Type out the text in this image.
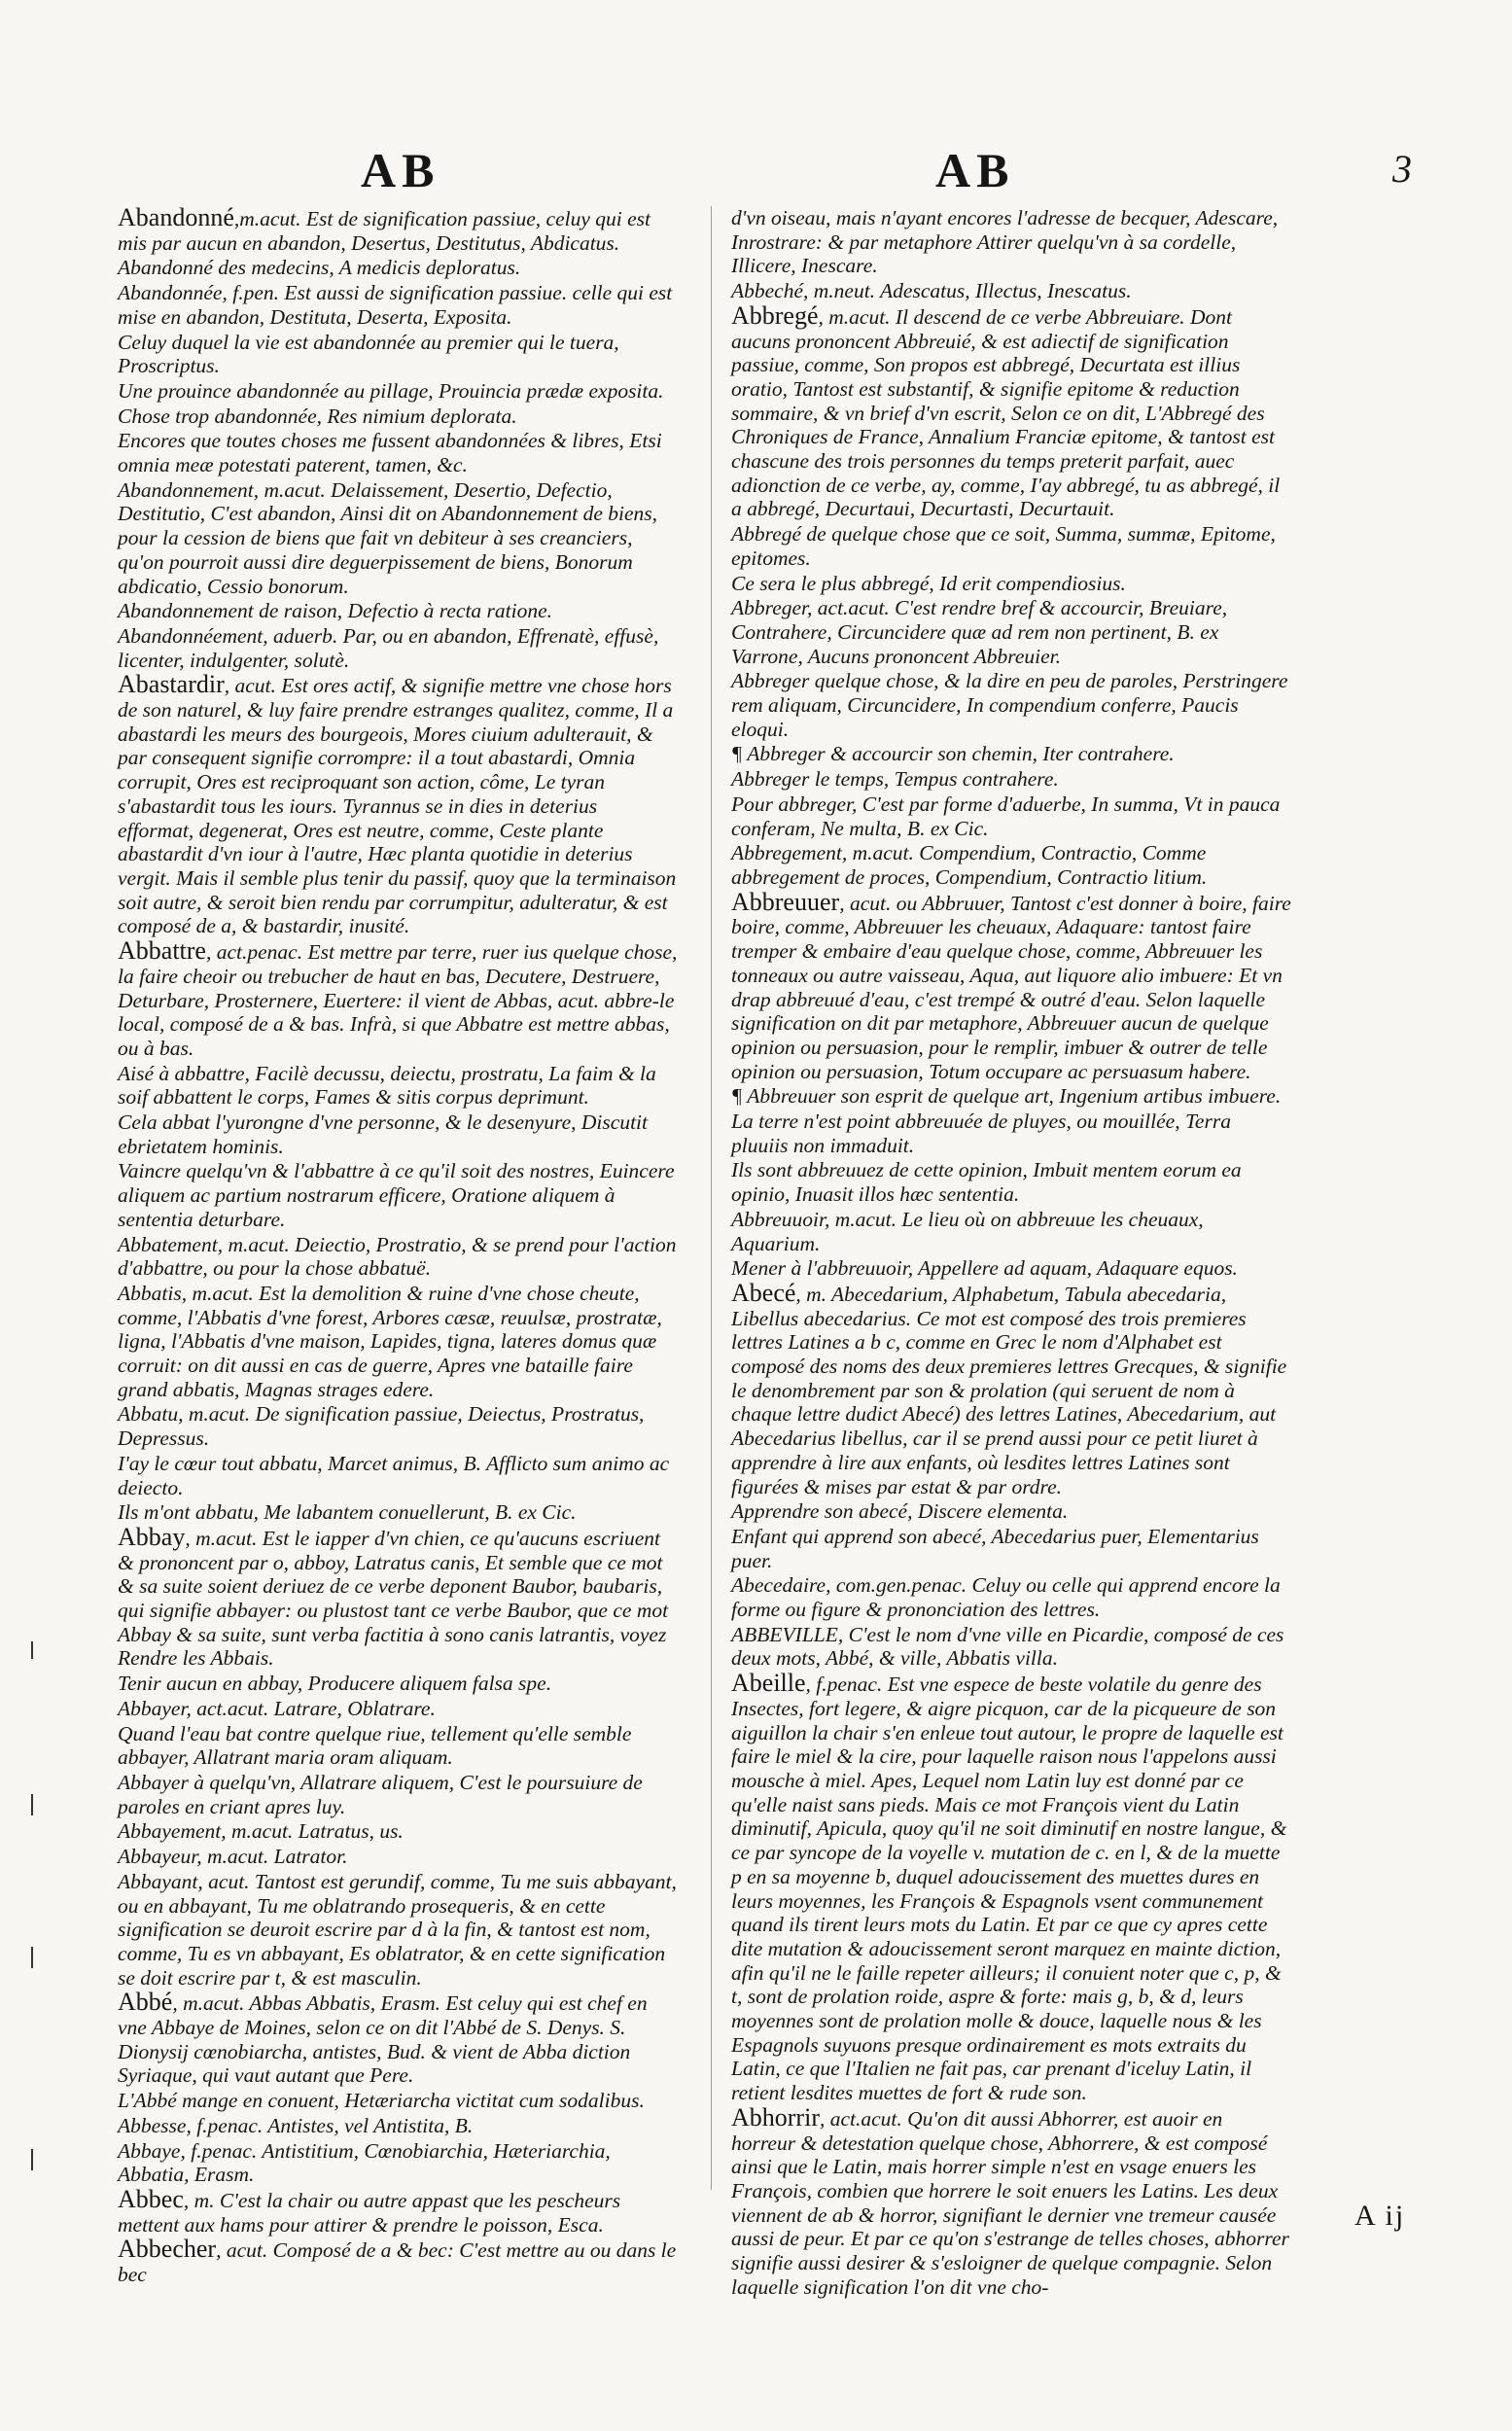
3
AB	AB

Abandonné,m.acut. Est de signification passiue, celuy qui est mis par aucun en abandon, Desertus, Destitutus, Abdicatus.

Abandonné des medecins, A medicis deploratus.

Abandonnée, f.pen. Est aussi de signification passiue. celle qui est mise en abandon, Destituta, Deserta, Exposita.

Celuy duquel la vie est abandonnée au premier qui le tuera, Proscriptus.

Une prouince abandonnée au pillage, Prouincia prædæ exposita.

Chose trop abandonnée, Res nimium deplorata.

Encores que toutes choses me fussent abandonnées & libres, Etsi omnia meæ potestati paterent, tamen, &c.

Abandonnement, m.acut. Delaissement, Desertio, Defectio, Destitutio, C'est abandon, Ainsi dit on Abandonnement de biens, pour la cession de biens que fait vn debiteur à ses creanciers, qu'on pourroit aussi dire deguerpissement de biens, Bonorum abdicatio, Cessio bonorum.

Abandonnement de raison, Defectio à recta ratione.

Abandonnéement, aduerb. Par, ou en abandon, Effrenatè, effusè, licenter, indulgenter, solutè.

Abastardir, acut. Est ores actif, & signifie mettre vne chose hors de son naturel, & luy faire prendre estranges qualitez, comme, Il a abastardi les meurs des bourgeois, Mores ciuium adulterauit, & par consequent signifie corrompre: il a tout abastardi, Omnia corrupit, Ores est reciproquant son action, côme, Le tyran s'abastardit tous les iours. Tyrannus se in dies in deterius efformat, degenerat, Ores est neutre, comme, Ceste plante abastardit d'vn iour à l'autre, Hæc planta quotidie in deterius vergit. Mais il semble plus tenir du passif, quoy que la terminaison soit autre, & seroit bien rendu par corrumpitur, adulteratur, & est composé de a, & bastardir, inusité.

Abbattre, act.penac. Est mettre par terre, ruer ius quelque chose, la faire cheoir ou trebucher de haut en bas, Decutere, Destruere, Deturbare, Prosternere, Euertere: il vient de Abbas, acut. abbre-le local, composé de a & bas. Infrà, si que Abbatre est mettre abbas, ou à bas.

Aisé à abbattre, Facilè decussu, deiectu, prostratu, La faim & la soif abbattent le corps, Fames & sitis corpus deprimunt.

Cela abbat l'yurongne d'vne personne, & le desenyure, Discutit ebrietatem hominis.

Vaincre quelqu'vn & l'abbattre à ce qu'il soit des nostres, Euincere aliquem ac partium nostrarum efficere, Oratione aliquem à sententia deturbare.

Abbatement, m.acut. Deiectio, Prostratio, & se prend pour l'action d'abbattre, ou pour la chose abbatuë.

Abbatis, m.acut. Est la demolition & ruine d'vne chose cheute, comme, l'Abbatis d'vne forest, Arbores cæsæ, reuulsæ, prostratæ, ligna, l'Abbatis d'vne maison, Lapides, tigna, lateres domus quæ corruit: on dit aussi en cas de guerre, Apres vne bataille faire grand abbatis, Magnas strages edere.

Abbatu, m.acut. De signification passiue, Deiectus, Prostratus, Depressus.

I'ay le cœur tout abbatu, Marcet animus, B. Afflicto sum animo ac deiecto.

Ils m'ont abbatu, Me labantem conuellerunt, B. ex Cic.

Abbay, m.acut. Est le iapper d'vn chien, ce qu'aucuns escriuent & prononcent par o, abboy, Latratus canis, Et semble que ce mot & sa suite soient deriuez de ce verbe deponent Baubor, baubaris, qui signifie abbayer: ou plustost tant ce verbe Baubor, que ce mot Abbay & sa suite, sunt verba factitia à sono canis latrantis, voyez Rendre les Abbais.

Tenir aucun en abbay, Producere aliquem falsa spe.

Abbayer, act.acut. Latrare, Oblatrare.

Quand l'eau bat contre quelque riue, tellement qu'elle semble abbayer, Allatrant maria oram aliquam.

Abbayer à quelqu'vn, Allatrare aliquem, C'est le poursuiure de paroles en criant apres luy.

Abbayement, m.acut. Latratus, us.

Abbayeur, m.acut. Latrator.

Abbayant, acut. Tantost est gerundif, comme, Tu me suis abbayant, ou en abbayant, Tu me oblatrando prosequeris, & en cette signification se deuroit escrire par d à la fin, & tantost est nom, comme, Tu es vn abbayant, Es oblatrator, & en cette signification se doit escrire par t, & est masculin.

Abbé, m.acut. Abbas Abbatis, Erasm. Est celuy qui est chef en vne Abbaye de Moines, selon ce on dit l'Abbé de S. Denys. S. Dionysij cœnobiarcha, antistes, Bud. & vient de Abba diction Syriaque, qui vaut autant que Pere.

L'Abbé mange en conuent, Hetæriarcha victitat cum sodalibus.

Abbesse, f.penac. Antistes, vel Antistita, B.

Abbaye, f.penac. Antistitium, Cœnobiarchia, Hæteriarchia, Abbatia, Erasm.

Abbec, m. C'est la chair ou autre appast que les pescheurs mettent aux hams pour attirer & prendre le poisson, Esca.

Abbecher, acut. Composé de a & bec: C'est mettre au ou dans le bec

d'vn oiseau, mais n'ayant encores l'adresse de becquer, Adescare, Inrostrare: & par metaphore Attirer quelqu'vn à sa cordelle, Illicere, Inescare.

Abbeché, m.neut. Adescatus, Illectus, Inescatus.

Abbregé, m.acut. Il descend de ce verbe Abbreuiare. Dont aucuns prononcent Abbreuié, & est adiectif de signification passiue, comme, Son propos est abbregé, Decurtata est illius oratio, Tantost est substantif, & signifie epitome & reduction sommaire, & vn brief d'vn escrit, Selon ce on dit, L'Abbregé des Chroniques de France, Annalium Franciæ epitome, & tantost est chascune des trois personnes du temps preterit parfait, auec adionction de ce verbe, ay, comme, I'ay abbregé, tu as abbregé, il a abbregé, Decurtaui, Decurtasti, Decurtauit.

Abbregé de quelque chose que ce soit, Summa, summæ, Epitome, epitomes.

Ce sera le plus abbregé, Id erit compendiosius.

Abbreger, act.acut. C'est rendre bref & accourcir, Breuiare, Contrahere, Circuncidere quæ ad rem non pertinent, B. ex Varrone, Aucuns prononcent Abbreuier.

Abbreger quelque chose, & la dire en peu de paroles, Perstringere rem aliquam, Circuncidere, In compendium conferre, Paucis eloqui.

¶ Abbreger & accourcir son chemin, Iter contrahere.

Abbreger le temps, Tempus contrahere.

Pour abbreger, C'est par forme d'aduerbe, In summa, Vt in pauca conferam, Ne multa, B. ex Cic.

Abbregement, m.acut. Compendium, Contractio, Comme abbregement de proces, Compendium, Contractio litium.

Abbreuuer, acut. ou Abbruuer, Tantost c'est donner à boire, faire boire, comme, Abbreuuer les cheuaux, Adaquare: tantost faire tremper & embaire d'eau quelque chose, comme, Abbreuuer les tonneaux ou autre vaisseau, Aqua, aut liquore alio imbuere: Et vn drap abbreuué d'eau, c'est trempé & outré d'eau. Selon laquelle signification on dit par metaphore, Abbreuuer aucun de quelque opinion ou persuasion, pour le remplir, imbuer & outrer de telle opinion ou persuasion, Totum occupare ac persuasum habere.

¶ Abbreuuer son esprit de quelque art, Ingenium artibus imbuere.

La terre n'est point abbreuuée de pluyes, ou mouillée, Terra pluuiis non immaduit.

Ils sont abbreuuez de cette opinion, Imbuit mentem eorum ea opinio, Inuasit illos hæc sententia.

Abbreuuoir, m.acut. Le lieu où on abbreuue les cheuaux, Aquarium.

Mener à l'abbreuuoir, Appellere ad aquam, Adaquare equos.

Abecé, m. Abecedarium, Alphabetum, Tabula abecedaria, Libellus abecedarius. Ce mot est composé des trois premieres lettres Latines a b c, comme en Grec le nom d'Alphabet est composé des noms des deux premieres lettres Grecques, & signifie le denombrement par son & prolation (qui seruent de nom à chaque lettre dudict Abecé) des lettres Latines, Abecedarium, aut Abecedarius libellus, car il se prend aussi pour ce petit liuret à apprendre à lire aux enfants, où lesdites lettres Latines sont figurées & mises par estat & par ordre.

Apprendre son abecé, Discere elementa.

Enfant qui apprend son abecé, Abecedarius puer, Elementarius puer.

Abecedaire, com.gen.penac. Celuy ou celle qui apprend encore la forme ou figure & prononciation des lettres.

ABBEVILLE, C'est le nom d'vne ville en Picardie, composé de ces deux mots, Abbé, & ville, Abbatis villa.

Abeille, f.penac. Est vne espece de beste volatile du genre des Insectes, fort legere, & aigre picquon, car de la picqueure de son aiguillon la chair s'en enleue tout autour, le propre de laquelle est faire le miel & la cire, pour laquelle raison nous l'appelons aussi mousche à miel. Apes, Lequel nom Latin luy est donné par ce qu'elle naist sans pieds. Mais ce mot François vient du Latin diminutif, Apicula, quoy qu'il ne soit diminutif en nostre langue, & ce par syncope de la voyelle v. mutation de c. en l, & de la muette p en sa moyenne b, duquel adoucissement des muettes dures en leurs moyennes, les François & Espagnols vsent communement quand ils tirent leurs mots du Latin. Et par ce que cy apres cette dite mutation & adoucissement seront marquez en mainte diction, afin qu'il ne le faille repeter ailleurs; il conuient noter que c, p, & t, sont de prolation roide, aspre & forte: mais g, b, & d, leurs moyennes sont de prolation molle & douce, laquelle nous & les Espagnols suyuons presque ordinairement es mots extraits du Latin, ce que l'Italien ne fait pas, car prenant d'iceluy Latin, il retient lesdites muettes de fort & rude son.

Abhorrir, act.acut. Qu'on dit aussi Abhorrer, est auoir en horreur & detestation quelque chose, Abhorrere, & est composé ainsi que le Latin, mais horrer simple n'est en vsage enuers les François, combien que horrere le soit enuers les Latins. Les deux viennent de ab & horror, signifiant le dernier vne tremeur causée aussi de peur. Et par ce qu'on s'estrange de telles choses, abhorrer signifie aussi desirer & s'esloigner de quelque compagnie. Selon laquelle signification l'on dit vne cho-

A ij
